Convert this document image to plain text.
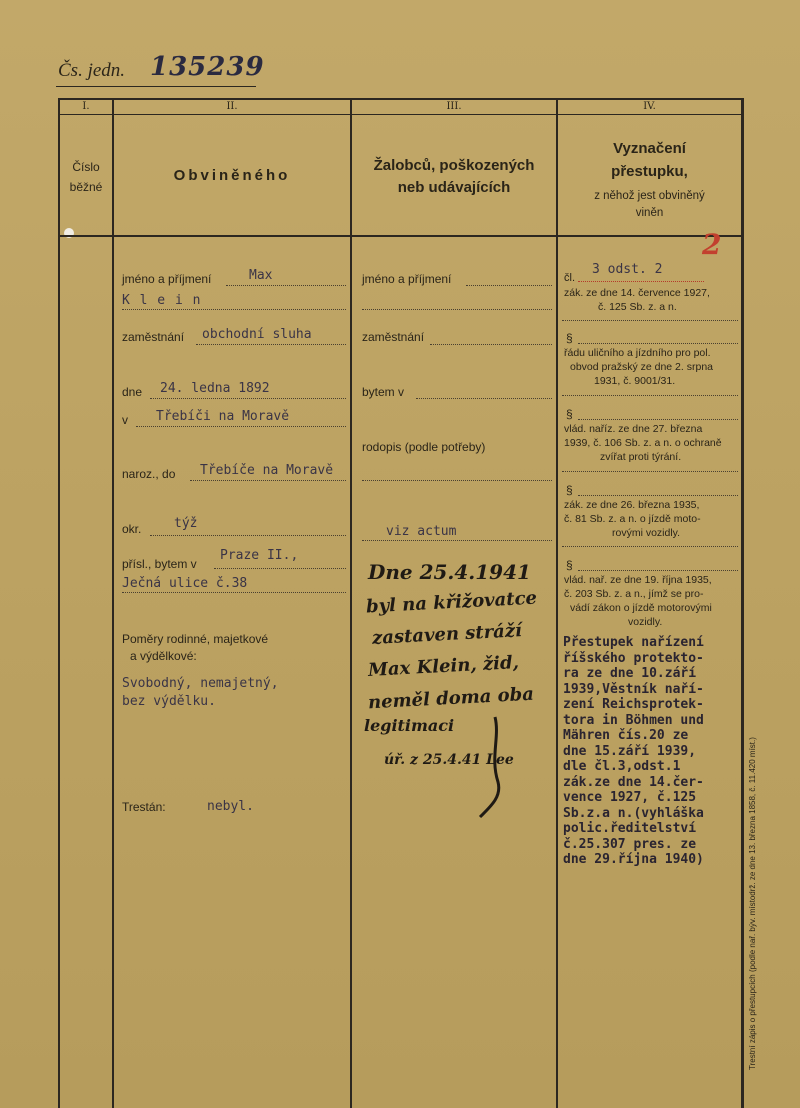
Čs. jedn. 135239
I.	II.	III.	IV.
Číslo
běžné
Obviněného
Žalobců, poškozených
neb udávajících
Vyznačení
přestupku,
z něhož jest obviněný
viněn
jméno a příjmení	Max
K l e i n
zaměstnání obchodní sluha
dne 24. ledna 1892
v Třebíči na Moravě
naroz., do Třebíče na Moravě
okr.	týž
přísl., bytem v
Praze II.,
Ječná ulice č.38
Poměry rodinné, majetkové
a výdělkové:
Svobodný, nemajetný,
bez výdělku.
Trestán:	nebyl.
jméno a příjmení
zaměstnání
bytem v
rodopis (podle potřeby)
viz actum
Dne 25.4.1941
byl na křižovatce
zastaven stráží
Max Klein, žid,
neměl doma oba
legitimaci
úř. z 25.4.41 Lee
čl.
3 odst. 2
2
zák. ze dne 14. července 1927,
č. 125 Sb. z. a n.
§
řádu uličního a jízdního pro pol.
obvod pražský ze dne 2. srpna
1931, č. 9001/31.
§
vlád. naříz. ze dne 27. března
1939, č. 106 Sb. z. a n. o ochraně
zvířat proti týrání.
§
zák. ze dne 26. března 1935,
č. 81 Sb. z. a n. o jízdě moto-
rovými vozidly.
§
vlád. nař. ze dne 19. října 1935,
č. 203 Sb. z. a n., jímž se pro-
vádí zákon o jízdě motorovými
vozidly.
Přestupek nařízení
říšského protekto-
ra ze dne 10.září
1939,Věstník naří-
zení Reichsprotek-
tora in Böhmen und
Mähren čís.20 ze
dne 15.září 1939,
dle čl.3,odst.1
zák.ze dne 14.čer-
vence 1927, č.125
Sb.z.a n.(vyhláška
polic.ředitelství
č.25.307 pres. ze
dne 29.října 1940)	Trestní zápis o přestupcích (podle nař. býv. místodrž. ze dne 13. března 1858, č. 11.420 míst.)
